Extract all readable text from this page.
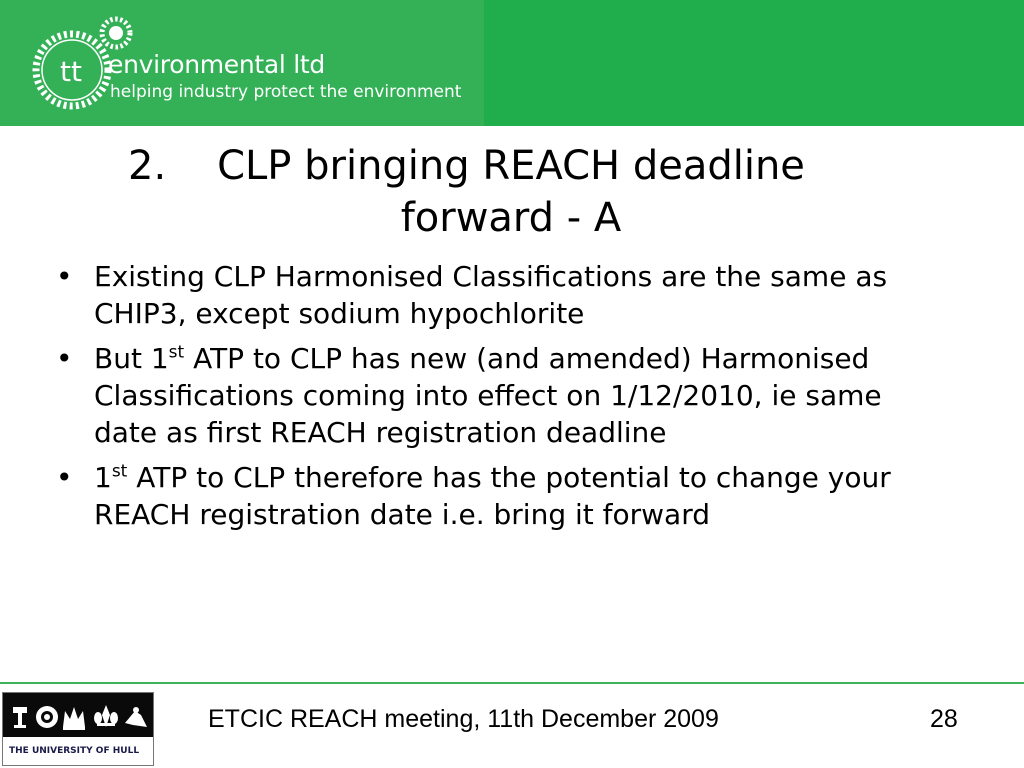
tt environmental ltd
helping industry protect the environment
2. CLP bringing REACH deadline forward - A
• Existing CLP Harmonised Classifications are the same as CHIP3, except sodium hypochlorite
• But 1st ATP to CLP has new (and amended) Harmonised Classifications coming into effect on 1/12/2010, ie same date as first REACH registration deadline
• 1st ATP to CLP therefore has the potential to change your REACH registration date i.e. bring it forward
THE UNIVERSITY OF HULL
ETCIC REACH meeting, 11th December 2009	28
